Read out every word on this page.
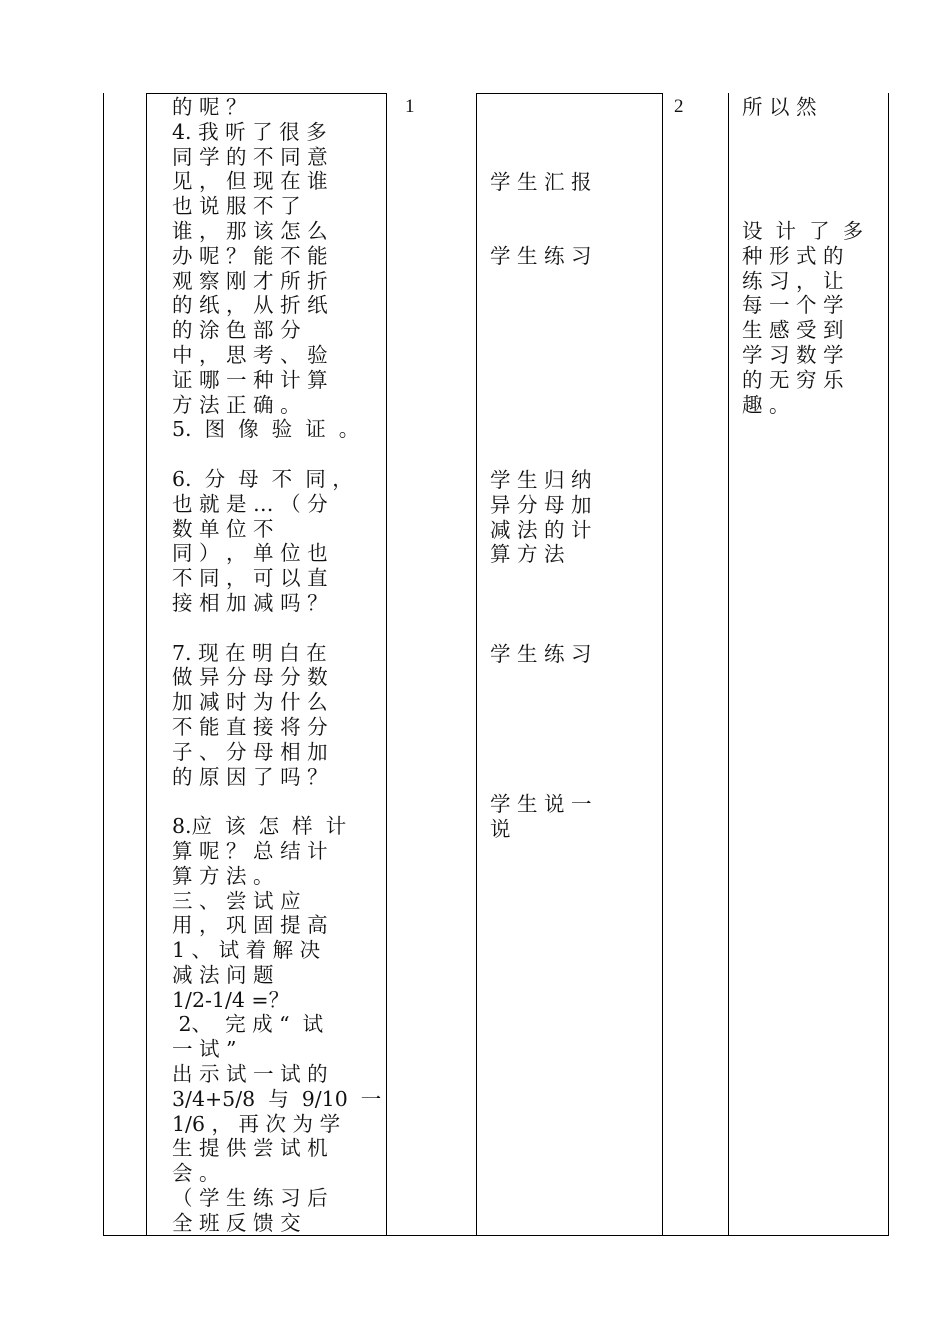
的 呢 ？
4. 我 听 了 很 多
同 学 的 不 同 意
见 ， 但 现 在 谁
也 说 服 不 了
谁 ， 那 该 怎 么
办 呢 ？ 能 不 能
观 察 刚 才 所 折
的 纸 ， 从 折 纸
的 涂 色 部 分
中 ， 思 考 、 验
证 哪 一 种 计 算
方 法 正 确 。
5.  图  像  验  证  。

6.  分  母  不  同 ，
也 就 是 … （ 分
数 单 位 不
同 ） ， 单 位 也
不 同 ， 可 以 直
接 相 加 减 吗 ？

7. 现 在 明 白 在
做 异 分 母 分 数
加 减 时 为 什 么
不 能 直 接 将 分
子 、 分 母 相 加
的 原 因 了 吗 ？

8.应  该  怎  样  计
算 呢 ？ 总 结 计
算 方 法 。
三 、 尝 试 应
用 ， 巩 固 提 高
1 、 试 着 解 决
减 法 问 题
1/2-1/4 =？
2、  完 成 “  试
一 试 ”
出 示 试 一 试 的
3/4+5/8  与  9/10  一
1/6 ， 再 次 为 学
生 提 供 尝 试 机
会 。
（ 学 生 练 习 后
全 班 反 馈 交
1
学 生 汇 报
学 生 练 习
学 生 归 纳
异 分 母 加
减 法 的 计
算 方 法
学 生 练 习
学 生 说 一
说
2	所 以 然
设  计  了  多
种 形 式 的
练 习 ， 让
每 一 个 学
生 感 受 到
学 习 数 学
的 无 穷 乐
趣 。
